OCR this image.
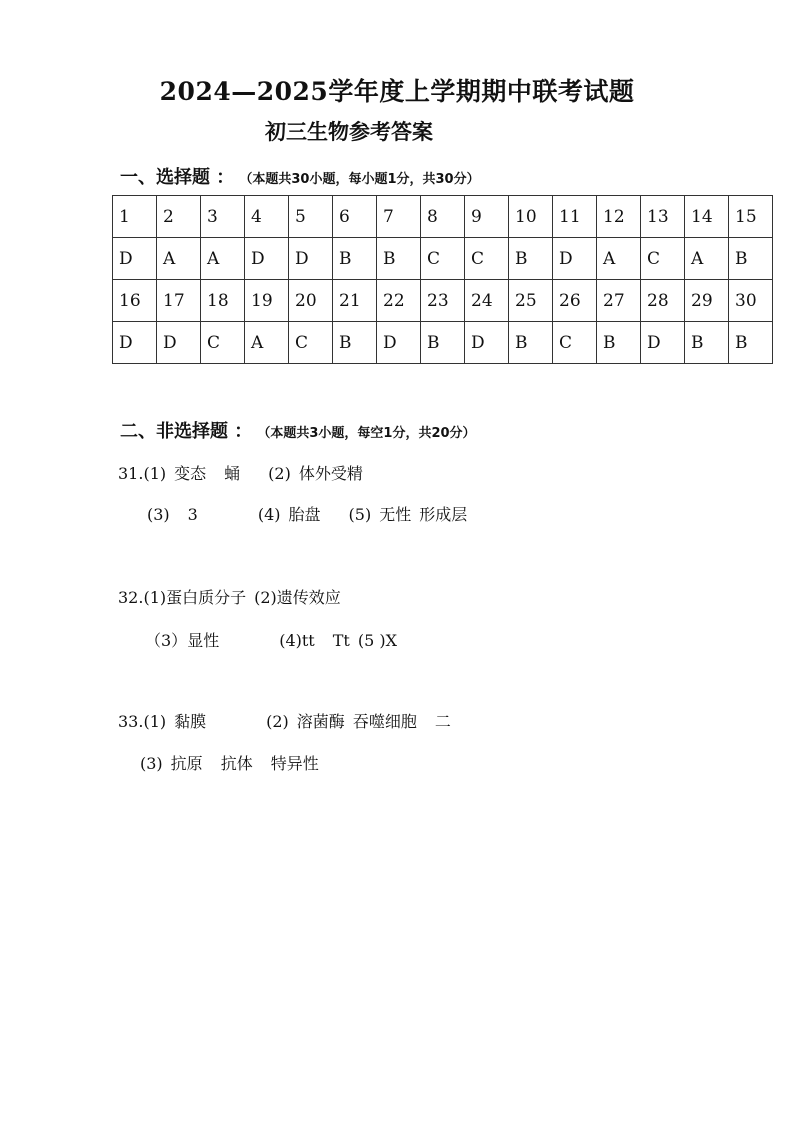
2024—2025学年度上学期期中联考试题
初三生物参考答案
一、选择题 ： （本题共30小题，每小题1分，共30分）
1	2	3	4	5	6	7	8	9	10	11	12	13	14	15
D	A	A	D	D	B	B	C	C	B	D	A	C	A	B
16	17	18	19	20	21	22	23	24	25	26	27	28	29	30
D	D	C	A	C	B	D	B	D	B	C	B	D	B	B
二、非选择题 ： （本题共3小题，每空1分，共20分）
31.(1) 变态 蛹 (2) 体外受精
(3) 3	(4) 胎盘 (5) 无性 形成层
32.(1)蛋白质分子 (2)遗传效应
（3）显性	(4)tt Tt (5 )X
33.(1) 黏膜	(2) 溶菌酶 吞噬细胞 二
(3) 抗原 抗体 特异性
